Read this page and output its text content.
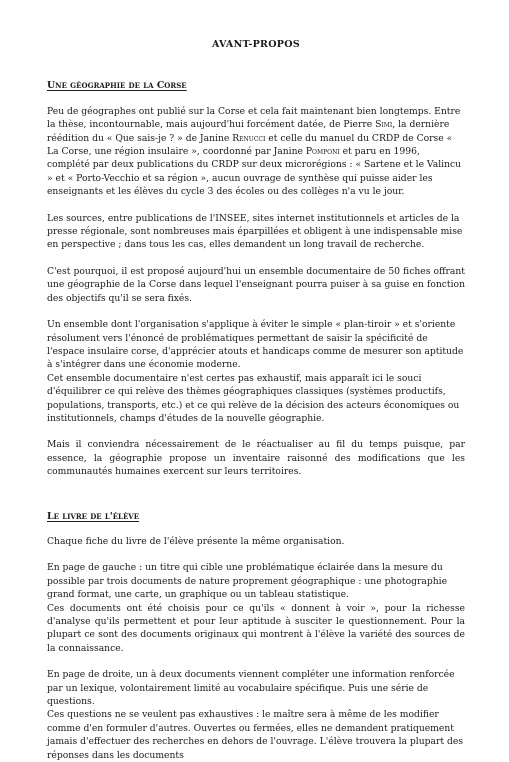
AVANT-PROPOS
Une géographie de la Corse

Peu de géographes ont publié sur la Corse et cela fait maintenant bien longtemps. Entre la thèse, incontournable, mais aujourd'hui forcément datée, de Pierre Simi, la dernière réédition du « Que sais-je ? » de Janine Renucci et celle du manuel du CRDP de Corse « La Corse, une région insulaire », coordonné par Janine Pomponi et paru en 1996, complété par deux publications du CRDP sur deux microrégions : « Sartene et le Valincu » et « Porto-Vecchio et sa région », aucun ouvrage de synthèse qui puisse aider les enseignants et les élèves du cycle 3 des écoles ou des collèges n'a vu le jour.

Les sources, entre publications de l'INSEE, sites internet institutionnels et articles de la presse régionale, sont nombreuses mais éparpillées et obligent à une indispensable mise en perspective ; dans tous les cas, elles demandent un long travail de recherche.

C'est pourquoi, il est proposé aujourd'hui un ensemble documentaire de 50 fiches offrant une géographie de la Corse dans lequel l'enseignant pourra puiser à sa guise en fonction des objectifs qu'il se sera fixés.

Un ensemble dont l'organisation s'applique à éviter le simple « plan-tiroir » et s'oriente résolument vers l'énoncé de problématiques permettant de saisir la spécificité de l'espace insulaire corse, d'apprécier atouts et handicaps comme de mesurer son aptitude à s'intégrer dans une économie moderne.

Cet ensemble documentaire n'est certes pas exhaustif, mais apparaît ici le souci d'équilibrer ce qui relève des thèmes géographiques classiques (systèmes productifs, populations, transports, etc.) et ce qui relève de la décision des acteurs économiques ou institutionnels, champs d'études de la nouvelle géographie.

Mais il conviendra nécessairement de le réactualiser au fil du temps puisque, par essence, la géographie propose un inventaire raisonné des modifications que les communautés humaines exercent sur leurs territoires.

Le livre de l'élève

Chaque fiche du livre de l'élève présente la même organisation.

En page de gauche : un titre qui cible une problématique éclairée dans la mesure du possible par trois documents de nature proprement géographique : une photographie grand format, une carte, un graphique ou un tableau statistique.

Ces documents ont été choisis pour ce qu'ils « donnent à voir », pour la richesse d'analyse qu'ils permettent et pour leur aptitude à susciter le questionnement. Pour la plupart ce sont des documents originaux qui montrent à l'élève la variété des sources de la connaissance.

En page de droite, un à deux documents viennent compléter une information renforcée par un lexique, volontairement limité au vocabulaire spécifique. Puis une série de questions.

Ces questions ne se veulent pas exhaustives : le maître sera à même de les modifier comme d'en formuler d'autres. Ouvertes ou fermées, elles ne demandent pratiquement jamais d'effectuer des recherches en dehors de l'ouvrage. L'élève trouvera la plupart des réponses dans les documents
